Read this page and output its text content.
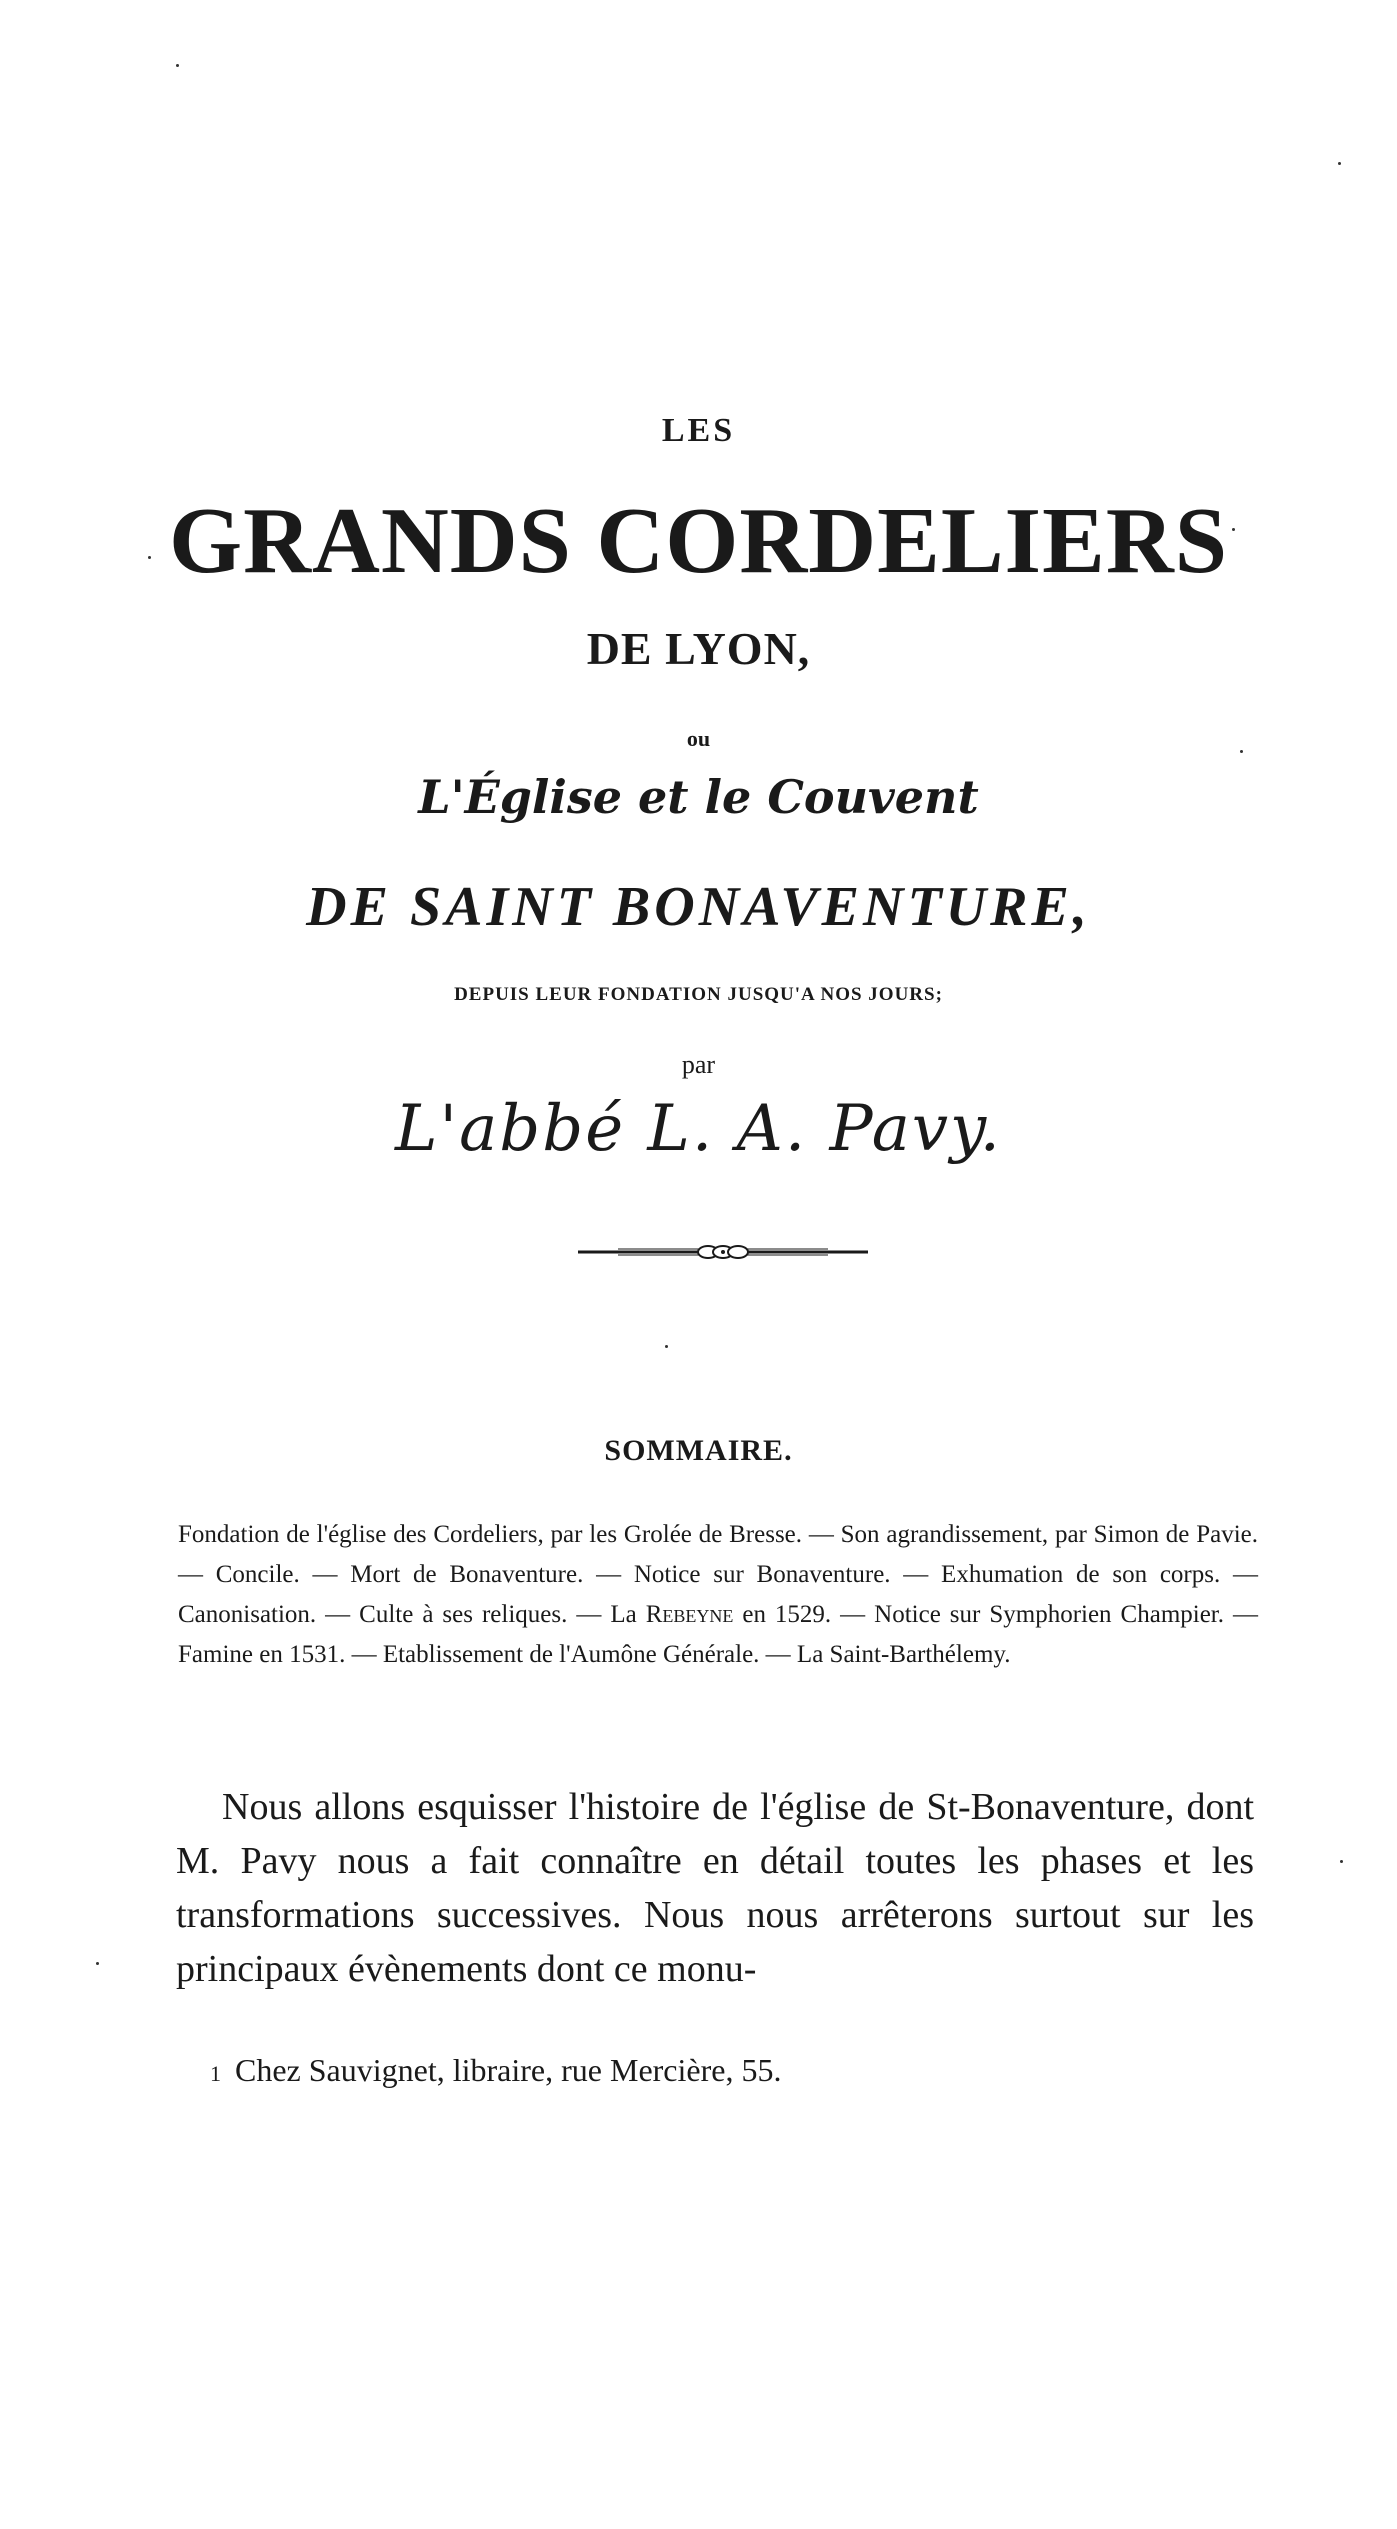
LES
GRANDS CORDELIERS
DE LYON,
ou
L'Église et le Couvent
DE SAINT BONAVENTURE,
DEPUIS LEUR FONDATION JUSQU'A NOS JOURS;
par
L'abbé L. A. Pavy.
SOMMAIRE.
Fondation de l'église des Cordeliers, par les Grolée de Bresse. — Son agrandissement, par Simon de Pavie. — Concile. — Mort de Bonaventure. — Notice sur Bonaventure. — Exhumation de son corps. — Canonisation. — Culte à ses reliques. — La Rebeyne en 1529. — Notice sur Symphorien Champier. — Famine en 1531. — Etablissement de l'Aumône Générale. — La Saint-Barthélemy.
Nous allons esquisser l'histoire de l'église de St-Bonaventure, dont M. Pavy nous a fait connaître en détail toutes les phases et les transformations successives. Nous nous arrêterons surtout sur les principaux évènements dont ce monu-
1 Chez Sauvignet, libraire, rue Mercière, 55.
